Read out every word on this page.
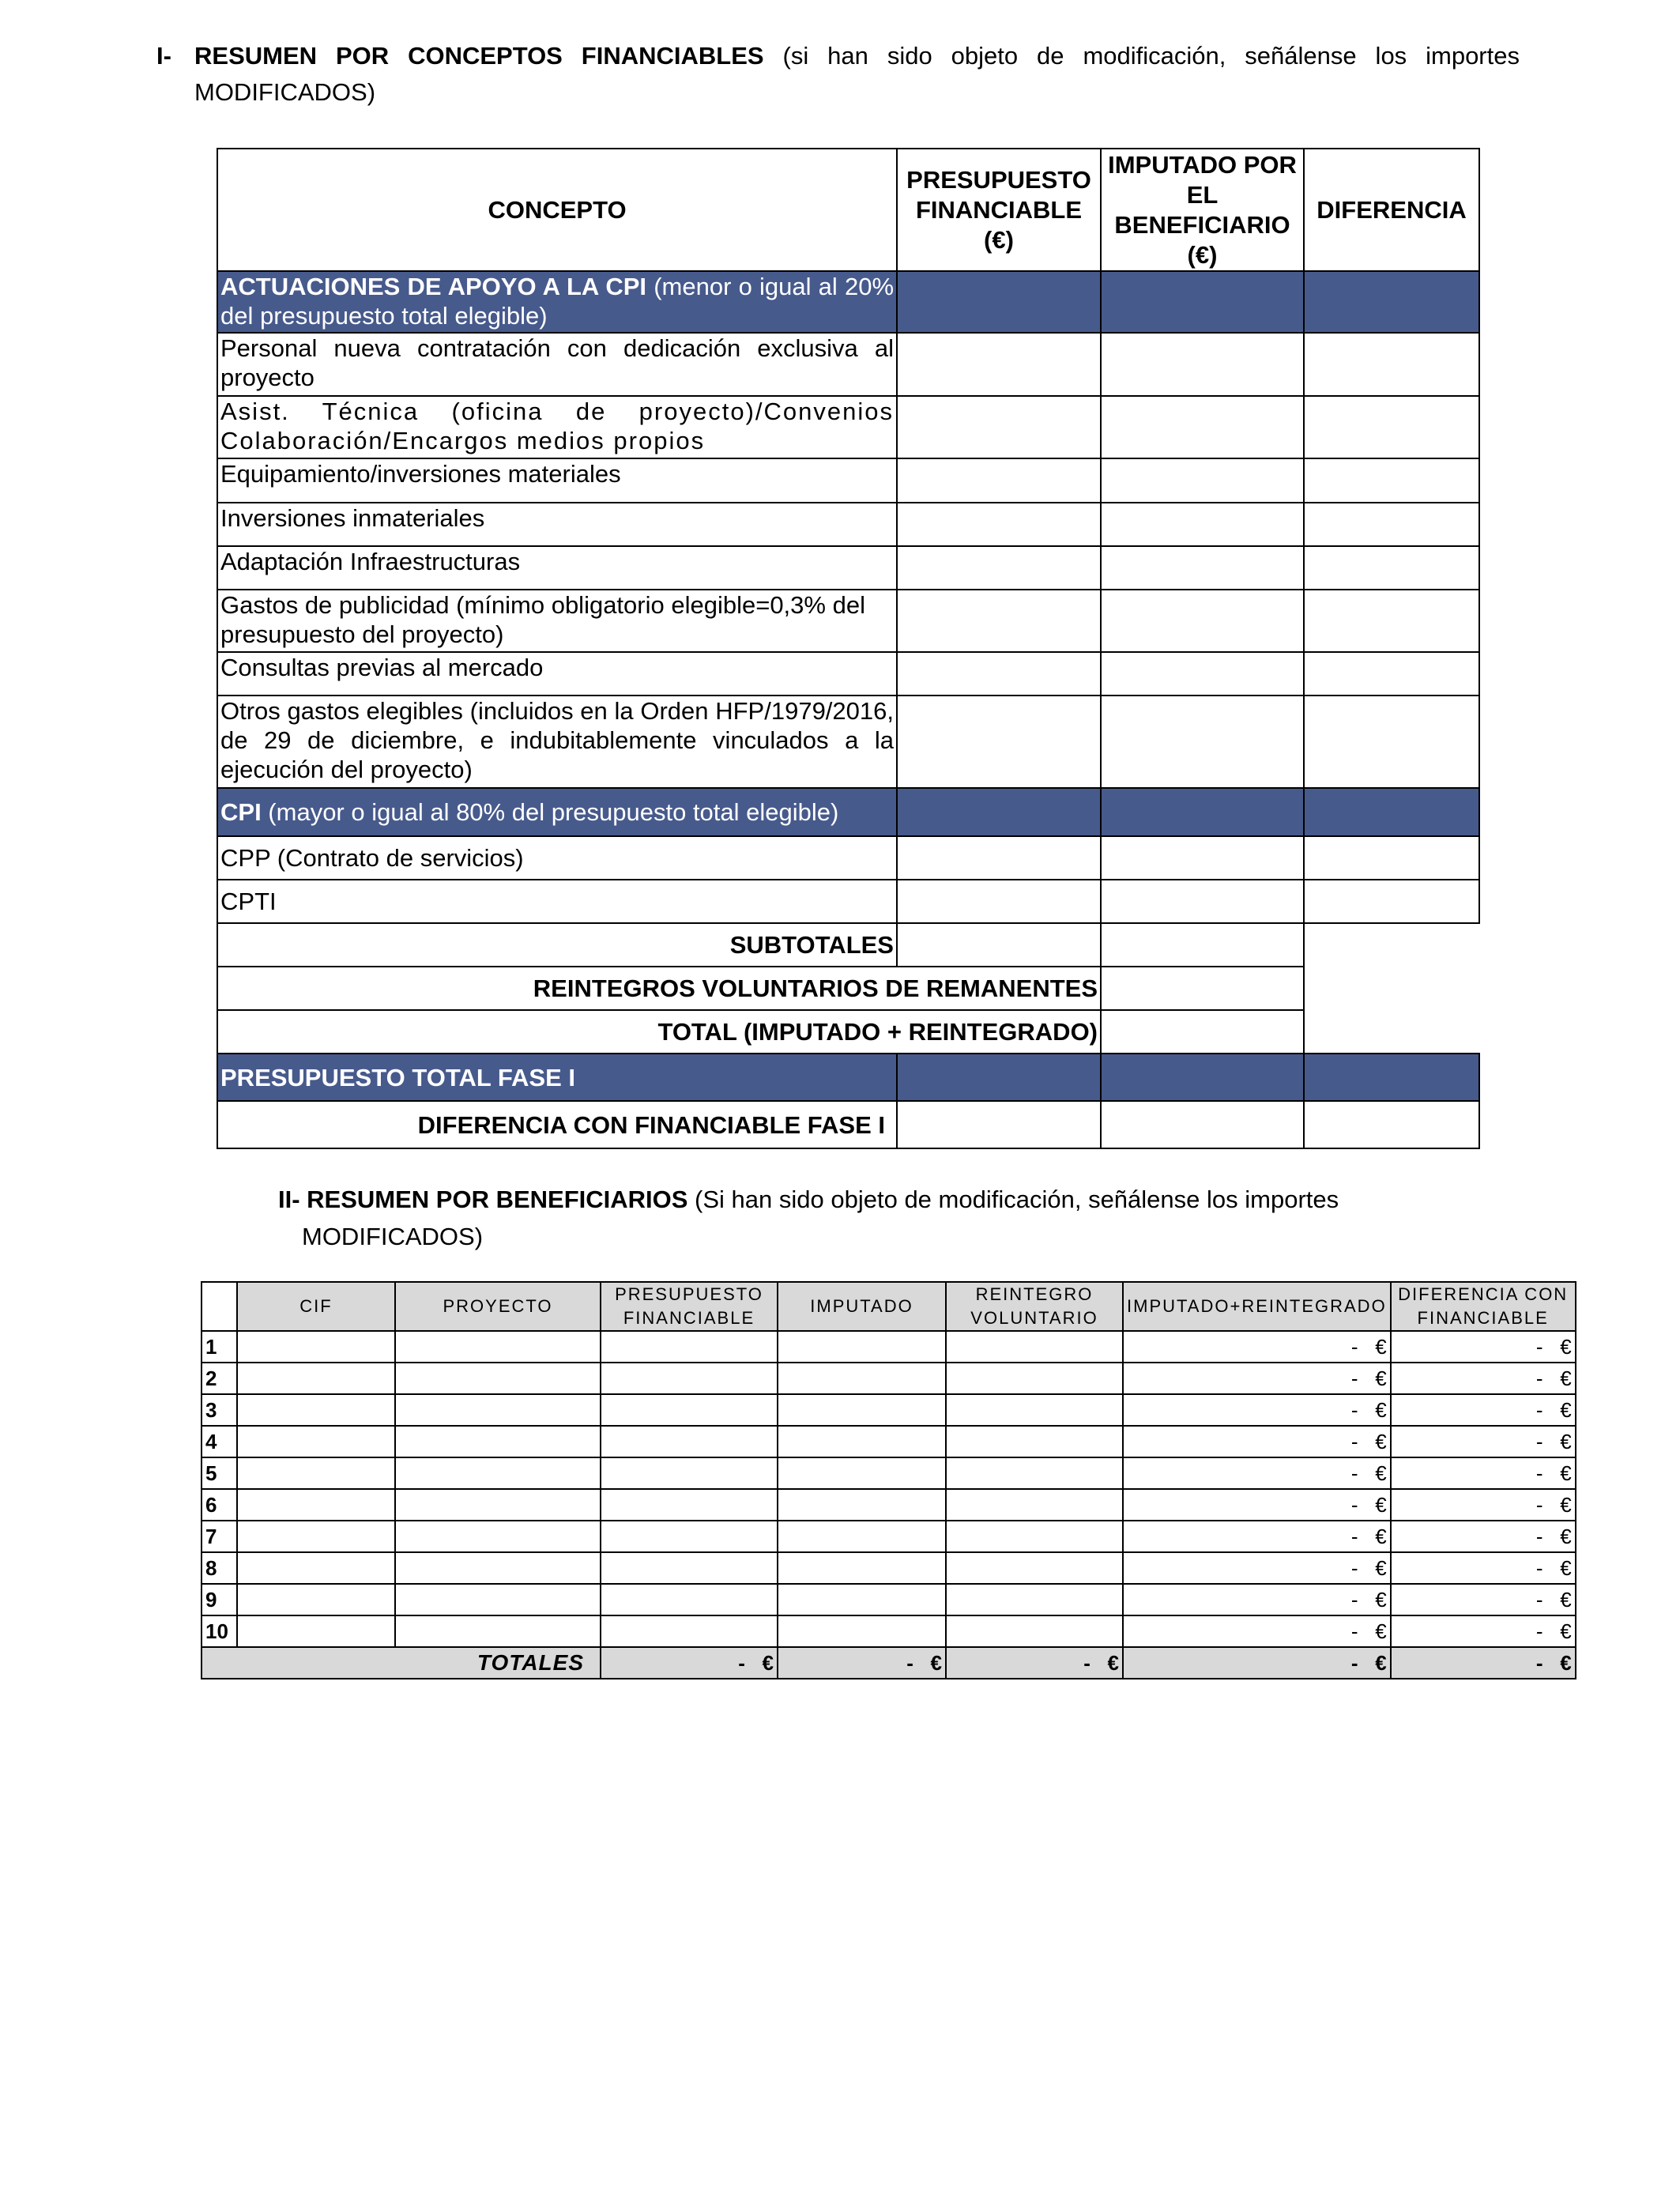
I- RESUMEN POR CONCEPTOS FINANCIABLES (si han sido objeto de modificación, señálense los importes MODIFICADOS)
CONCEPTO	PRESUPUESTO FINANCIABLE (€)	IMPUTADO POR EL BENEFICIARIO (€)	DIFERENCIA
ACTUACIONES DE APOYO A LA CPI (menor o igual al 20% del presupuesto total elegible)			
Personal nueva contratación con dedicación exclusiva al proyecto			
Asist. Técnica (oficina de proyecto)/Convenios Colaboración/Encargos medios propios			
Equipamiento/inversiones materiales			
Inversiones inmateriales			
Adaptación Infraestructuras			
Gastos de publicidad (mínimo obligatorio elegible=0,3% del presupuesto del proyecto)			
Consultas previas al mercado			
Otros gastos elegibles (incluidos en la Orden HFP/1979/2016, de 29 de diciembre, e indubitablemente vinculados a la ejecución del proyecto)			
CPI (mayor o igual al 80% del presupuesto total elegible)			
CPP (Contrato de servicios)			
CPTI			
SUBTOTALES			
REINTEGROS VOLUNTARIOS DE REMANENTES			
TOTAL (IMPUTADO + REINTEGRADO)			
PRESUPUESTO TOTAL FASE I			
DIFERENCIA CON FINANCIABLE FASE I			
II- RESUMEN POR BENEFICIARIOS (Si han sido objeto de modificación, señálense los importes
MODIFICADOS)
	CIF	PROYECTO	PRESUPUESTO FINANCIABLE	IMPUTADO	REINTEGRO VOLUNTARIO	IMPUTADO+REINTEGRADO	DIFERENCIA CON FINANCIABLE
1						-   €	-   €
2						-   €	-   €
3						-   €	-   €
4						-   €	-   €
5						-   €	-   €
6						-   €	-   €
7						-   €	-   €
8						-   €	-   €
9						-   €	-   €
10						-   €	-   €
TOTALES			-   €	-   €	-   €	-   €	-   €
